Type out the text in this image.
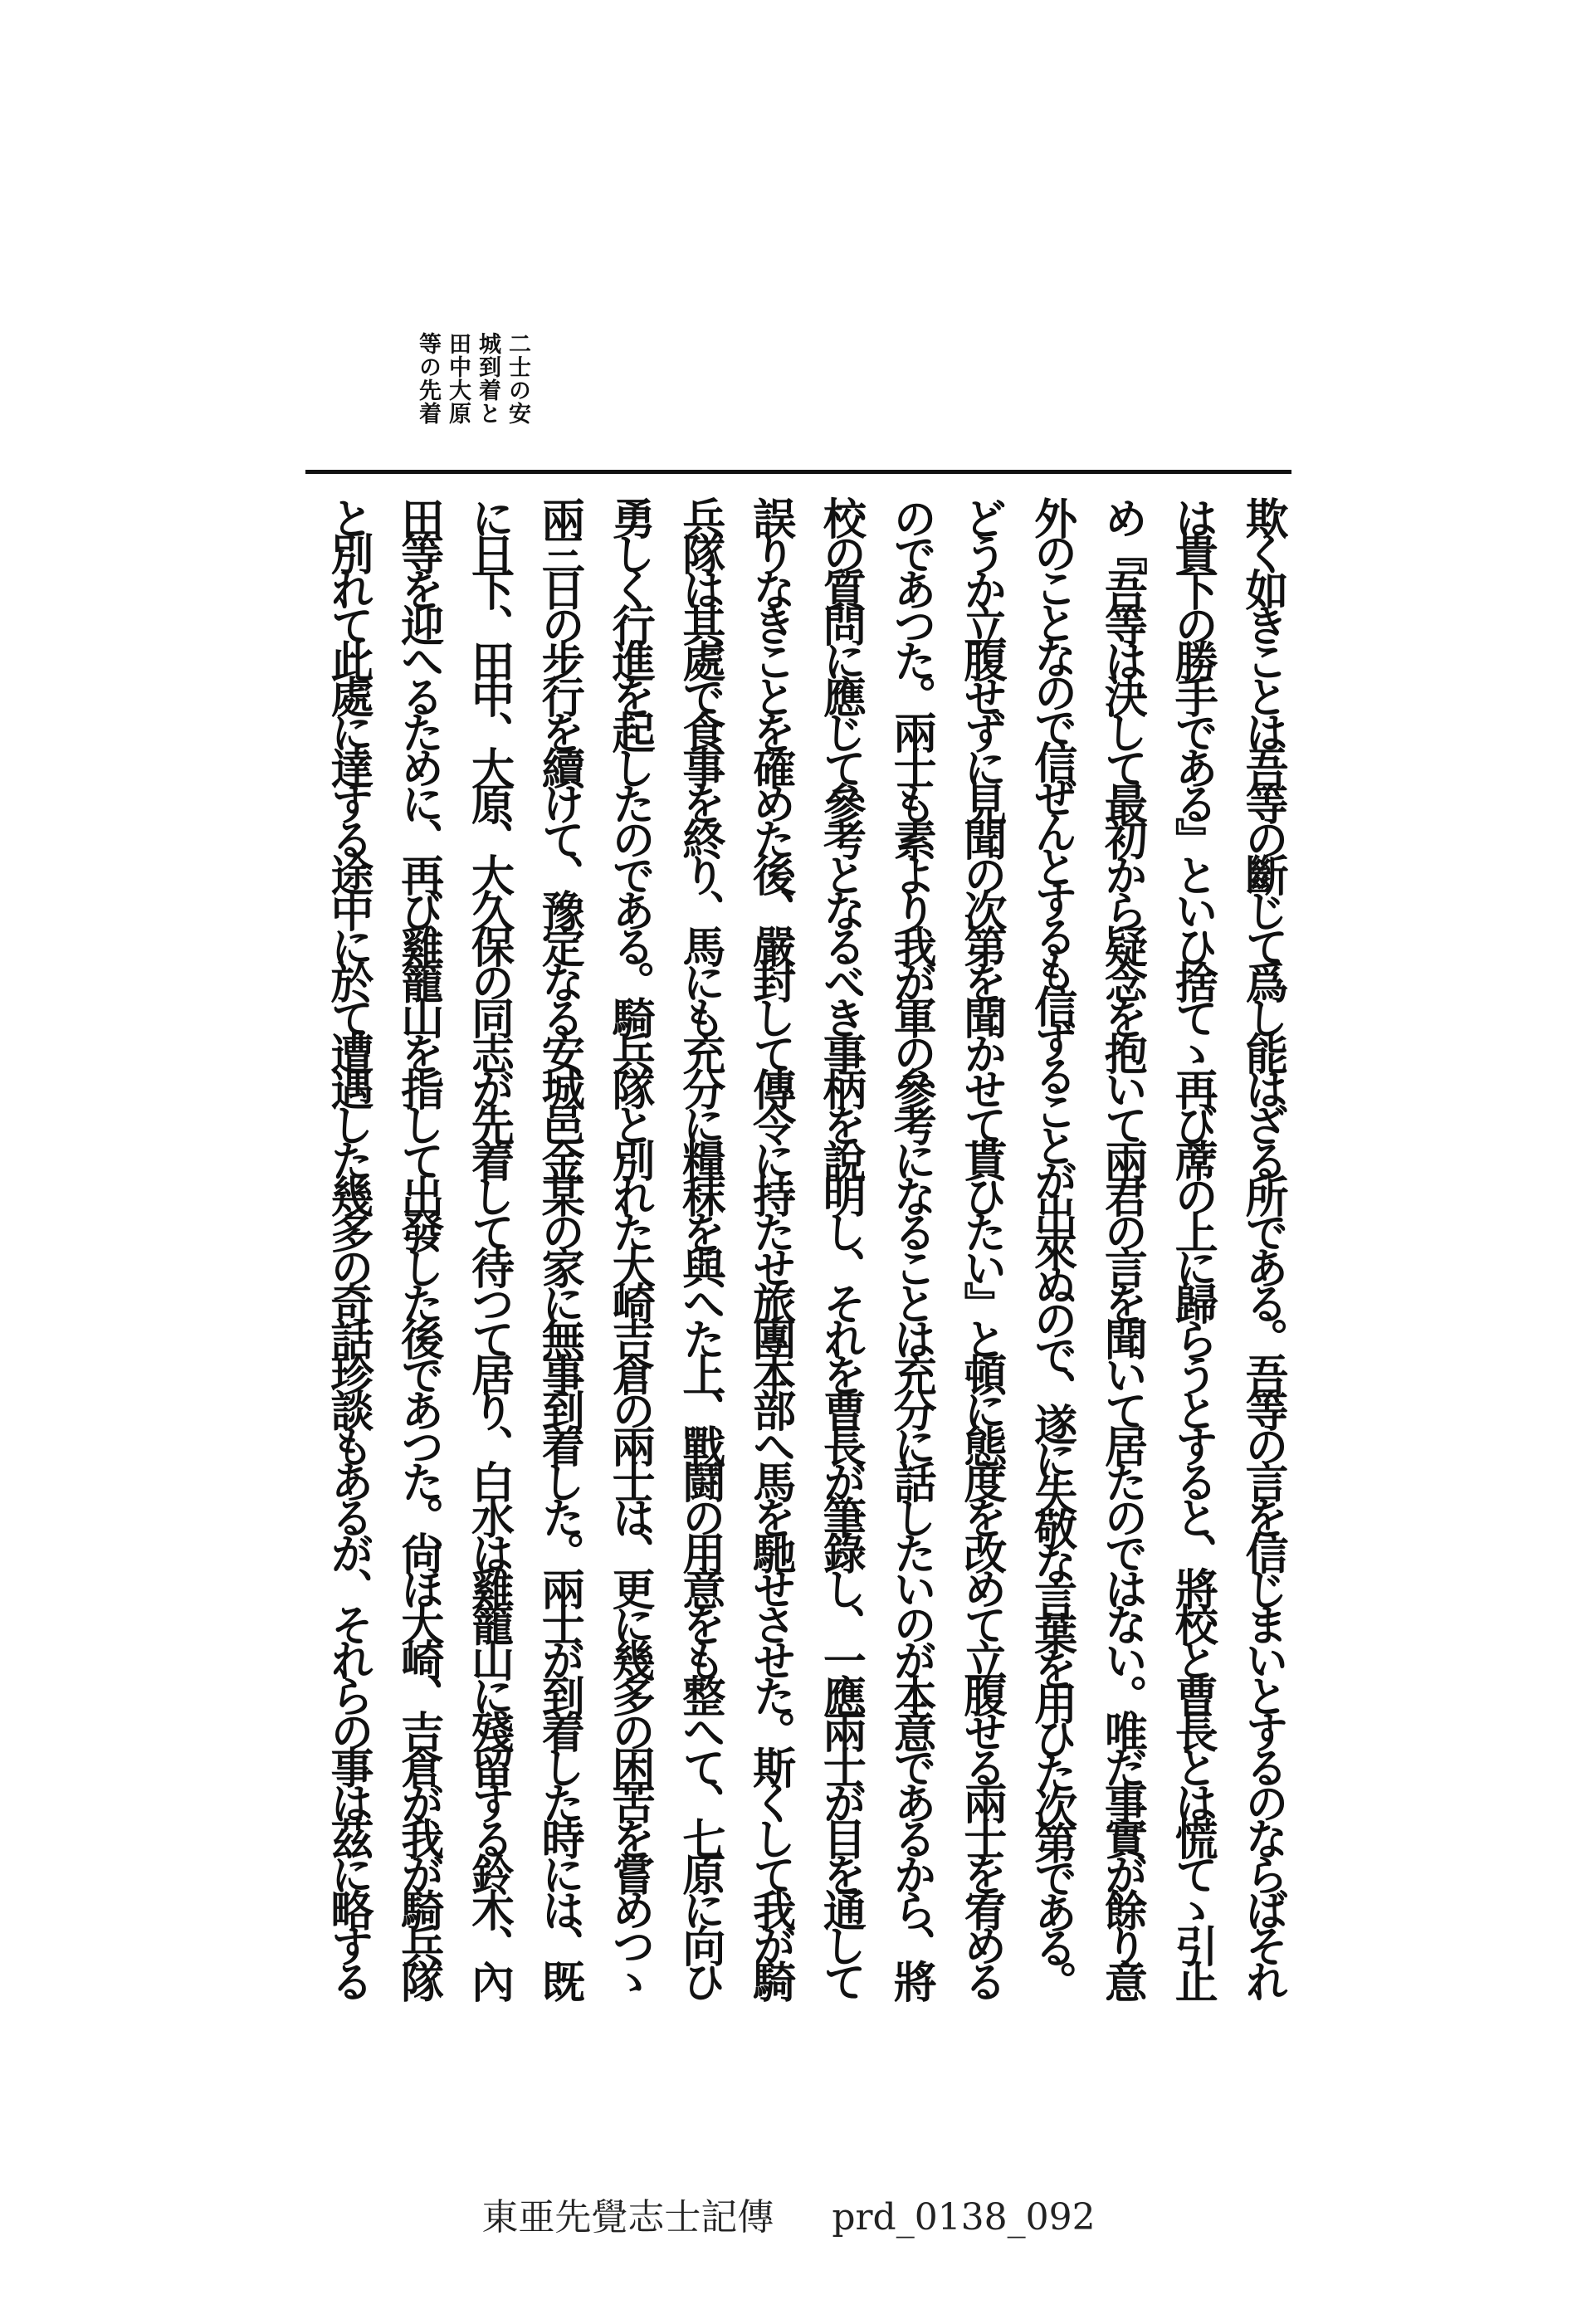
二士の安
城到着と
田中大原
等の先着
欺く如きことは吾等の斷じて爲し能はざる所である。吾等の言を信じまいとするのならばそれ
は貴下の勝手である』といひ捨てゝ再び蓆の上に歸らうとすると、將校と曹長とは慌てゝ引止
め『吾等は決して最初から疑念を抱いて兩君の言を聞いて居たのではない。唯だ事實が餘り意
外のことなので信ぜんとするも信ずることが出來ぬので、遂に失敬な言葉を用ひた次第である。
どうか立腹せずに見聞の次第を聞かせて貰ひたい』と頓に態度を改めて立腹せる兩士を宥める
のであつた。兩士も素より我が軍の參考になることは充分に話したいのが本意であるから、將
校の質問に應じて參考となるべき事柄を說明し、それを曹長が筆錄し、一應兩士が目を通して
誤りなきことを確めた後、嚴封して傳令に持たせ旅團本部へ馬を馳せさせた。斯くして我が騎
兵隊は其處で食事を終り、馬にも充分に糧秣を與へた上、戰鬪の用意をも整へて、七原に向ひ
勇しく行進を起したのである。騎兵隊と別れた大崎吉倉の兩士は、更に幾多の困苦を嘗めつゝ
兩三日の步行を續けて、豫定なる安城邑金某の家に無事到着した。兩士が到着した時には、既
に日下、田中、大原、大久保の同志が先着して待つて居り、白水は雞籠山に殘留する鈴木、內
田等を迎へるために、再び雞籠山を指して出發した後であつた。尙ほ大崎、吉倉が我が騎兵隊
と別れて此處に達する途中に於て遭遇した幾多の奇話珍談もあるが、それらの事は茲に略する
東亜先覺志士記傳 prd_0138_092
